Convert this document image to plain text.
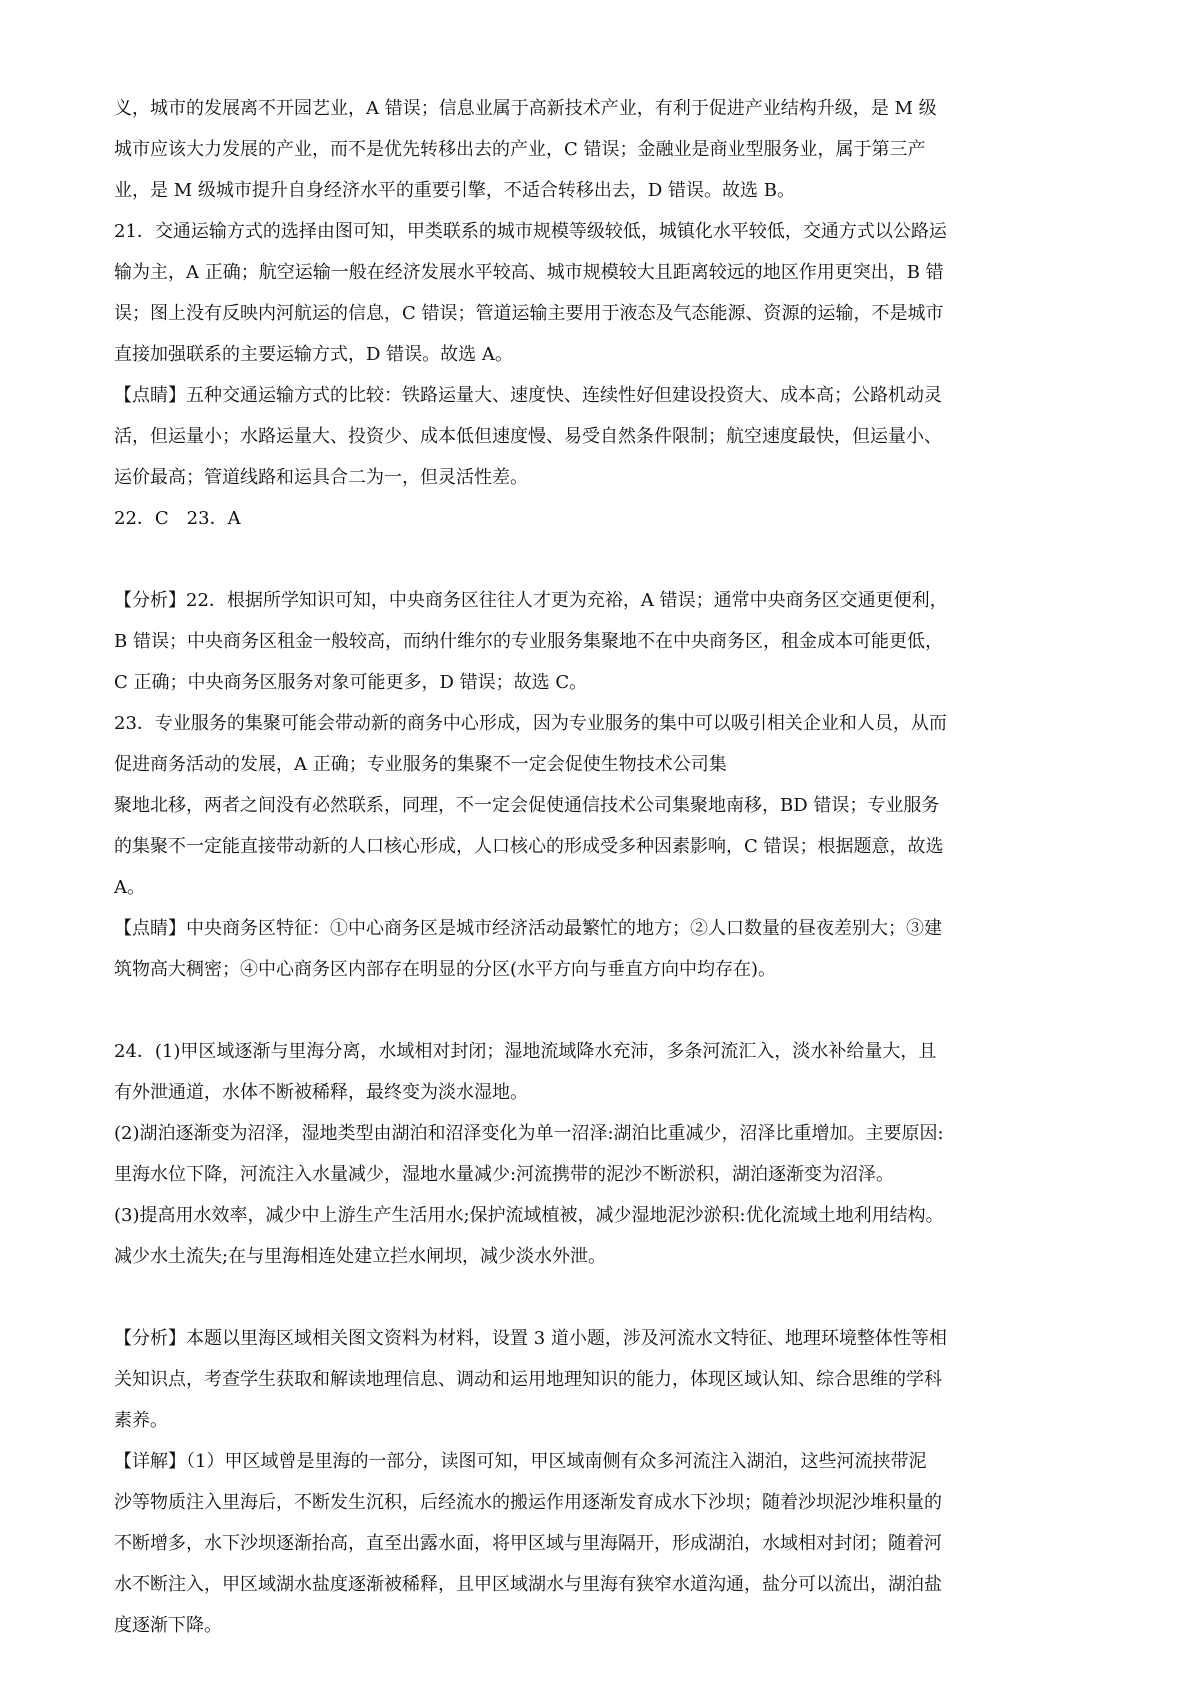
义，城市的发展离不开园艺业，A 错误；信息业属于高新技术产业，有利于促进产业结构升级，是 M 级
城市应该大力发展的产业，而不是优先转移出去的产业，C 错误；金融业是商业型服务业，属于第三产
业，是 M 级城市提升自身经济水平的重要引擎，不适合转移出去，D 错误。故选 B。
21．交通运输方式的选择由图可知，甲类联系的城市规模等级较低，城镇化水平较低，交通方式以公路运
输为主，A 正确；航空运输一般在经济发展水平较高、城市规模较大且距离较远的地区作用更突出，B 错
误；图上没有反映内河航运的信息，C 错误；管道运输主要用于液态及气态能源、资源的运输，不是城市
直接加强联系的主要运输方式，D 错误。故选 A。
【点睛】五种交通运输方式的比较：铁路运量大、速度快、连续性好但建设投资大、成本高；公路机动灵
活，但运量小；水路运量大、投资少、成本低但速度慢、易受自然条件限制；航空速度最快，但运量小、
运价最高；管道线路和运具合二为一，但灵活性差。
22．C　23．A
【分析】22．根据所学知识可知，中央商务区往往人才更为充裕，A 错误；通常中央商务区交通更便利，
B 错误；中央商务区租金一般较高，而纳什维尔的专业服务集聚地不在中央商务区，租金成本可能更低，
C 正确；中央商务区服务对象可能更多，D 错误；故选 C。
23．专业服务的集聚可能会带动新的商务中心形成，因为专业服务的集中可以吸引相关企业和人员，从而
促进商务活动的发展，A 正确；专业服务的集聚不一定会促使生物技术公司集
聚地北移，两者之间没有必然联系，同理，不一定会促使通信技术公司集聚地南移，BD 错误；专业服务
的集聚不一定能直接带动新的人口核心形成，人口核心的形成受多种因素影响，C 错误；根据题意，故选
A。
【点睛】中央商务区特征：①中心商务区是城市经济活动最繁忙的地方；②人口数量的昼夜差别大；③建
筑物高大稠密；④中心商务区内部存在明显的分区(水平方向与垂直方向中均存在)。
24．(1)甲区域逐渐与里海分离，水域相对封闭；湿地流域降水充沛，多条河流汇入，淡水补给量大，且
有外泄通道，水体不断被稀释，最终变为淡水湿地。
(2)湖泊逐渐变为沼泽，湿地类型由湖泊和沼泽变化为单一沼泽:湖泊比重减少，沼泽比重增加。主要原因:
里海水位下降，河流注入水量减少，湿地水量减少:河流携带的泥沙不断淤积，湖泊逐渐变为沼泽。
(3)提高用水效率，减少中上游生产生活用水;保护流域植被，减少湿地泥沙淤积:优化流域土地利用结构。
减少水土流失;在与里海相连处建立拦水闸坝，减少淡水外泄。
【分析】本题以里海区域相关图文资料为材料，设置 3 道小题，涉及河流水文特征、地理环境整体性等相
关知识点，考查学生获取和解读地理信息、调动和运用地理知识的能力，体现区域认知、综合思维的学科
素养。
【详解】（1）甲区域曾是里海的一部分，读图可知，甲区域南侧有众多河流注入湖泊，这些河流挟带泥
沙等物质注入里海后，不断发生沉积，后经流水的搬运作用逐渐发育成水下沙坝；随着沙坝泥沙堆积量的
不断增多，水下沙坝逐渐抬高，直至出露水面，将甲区域与里海隔开，形成湖泊，水域相对封闭；随着河
水不断注入，甲区域湖水盐度逐渐被稀释，且甲区域湖水与里海有狭窄水道沟通，盐分可以流出，湖泊盐
度逐渐下降。
